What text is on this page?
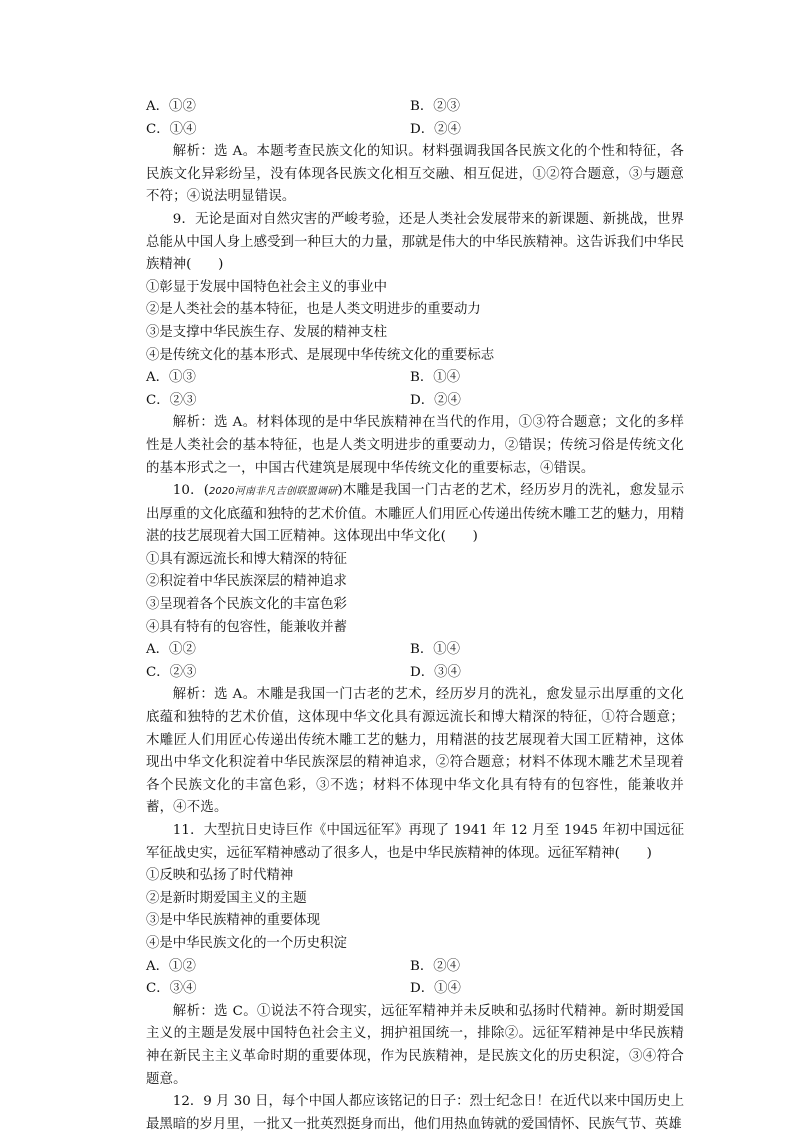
A．①②	B．②③
C．①④	D．②④
解析：选 A。本题考查民族文化的知识。材料强调我国各民族文化的个性和特征，各民族文化异彩纷呈，没有体现各民族文化相互交融、相互促进，①②符合题意，③与题意不符；④说法明显错误。
9．无论是面对自然灾害的严峻考验，还是人类社会发展带来的新课题、新挑战，世界总能从中国人身上感受到一种巨大的力量，那就是伟大的中华民族精神。这告诉我们中华民族精神(　　)
①彰显于发展中国特色社会主义的事业中
②是人类社会的基本特征，也是人类文明进步的重要动力
③是支撑中华民族生存、发展的精神支柱
④是传统文化的基本形式、是展现中华传统文化的重要标志
A．①③	B．①④
C．②③	D．②④
解析：选 A。材料体现的是中华民族精神在当代的作用，①③符合题意；文化的多样性是人类社会的基本特征，也是人类文明进步的重要动力，②错误；传统习俗是传统文化的基本形式之一，中国古代建筑是展现中华传统文化的重要标志，④错误。
10．(2020河南非凡吉创联盟调研)木雕是我国一门古老的艺术，经历岁月的洗礼，愈发显示出厚重的文化底蕴和独特的艺术价值。木雕匠人们用匠心传递出传统木雕工艺的魅力，用精湛的技艺展现着大国工匠精神。这体现出中华文化(　　)
①具有源远流长和博大精深的特征
②积淀着中华民族深层的精神追求
③呈现着各个民族文化的丰富色彩
④具有特有的包容性，能兼收并蓄
A．①②	B．①④
C．②③	D．③④
解析：选 A。木雕是我国一门古老的艺术，经历岁月的洗礼，愈发显示出厚重的文化底蕴和独特的艺术价值，这体现中华文化具有源远流长和博大精深的特征，①符合题意；木雕匠人们用匠心传递出传统木雕工艺的魅力，用精湛的技艺展现着大国工匠精神，这体现出中华文化积淀着中华民族深层的精神追求，②符合题意；材料不体现木雕艺术呈现着各个民族文化的丰富色彩，③不选；材料不体现中华文化具有特有的包容性，能兼收并蓄，④不选。
11．大型抗日史诗巨作《中国远征军》再现了 1941 年 12 月至 1945 年初中国远征军征战史实，远征军精神感动了很多人，也是中华民族精神的体现。远征军精神(　　)
①反映和弘扬了时代精神
②是新时期爱国主义的主题
③是中华民族精神的重要体现
④是中华民族文化的一个历史积淀
A．①②	B．②④
C．③④	D．①④
解析：选 C。①说法不符合现实，远征军精神并未反映和弘扬时代精神。新时期爱国主义的主题是发展中国特色社会主义，拥护祖国统一，排除②。远征军精神是中华民族精神在新民主主义革命时期的重要体现，作为民族精神，是民族文化的历史积淀，③④符合题意。
12．9 月 30 日，每个中国人都应该铭记的日子：烈士纪念日！在近代以来中国历史上最黑暗的岁月里，一批又一批英烈挺身而出，他们用热血铸就的爱国情怀、民族气节、英雄
